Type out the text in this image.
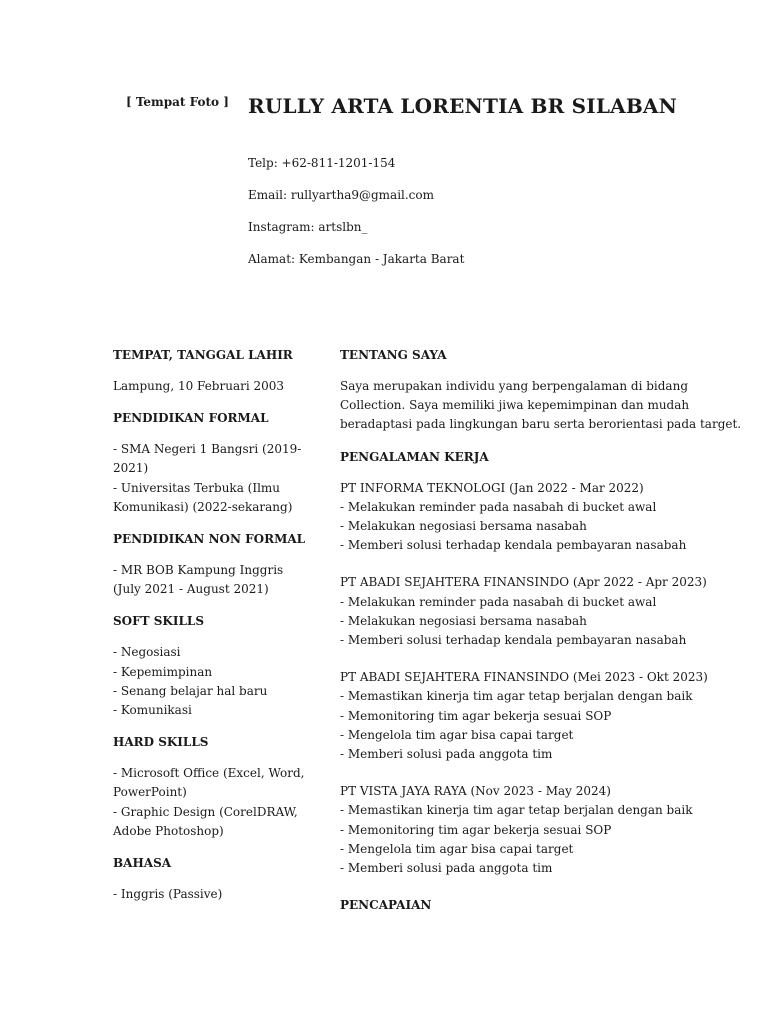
[ Tempat Foto ] RULLY ARTA LORENTIA BR SILABAN
Telp: +62-811-1201-154
Email: rullyartha9@gmail.com
Instagram: artslbn_
Alamat: Kembangan - Jakarta Barat
TEMPAT, TANGGAL LAHIR
Lampung, 10 Februari 2003
PENDIDIKAN FORMAL
- SMA Negeri 1 Bangsri (2019-2021)
- Universitas Terbuka (Ilmu Komunikasi) (2022-sekarang)
PENDIDIKAN NON FORMAL
- MR BOB Kampung Inggris (July 2021 - August 2021)
SOFT SKILLS
- Negosiasi
- Kepemimpinan
- Senang belajar hal baru
- Komunikasi
HARD SKILLS
- Microsoft Office (Excel, Word, PowerPoint)
- Graphic Design (CorelDRAW, Adobe Photoshop)
BAHASA
- Inggris (Passive)
TENTANG SAYA
Saya merupakan individu yang berpengalaman di bidang
Collection. Saya memiliki jiwa kepemimpinan dan mudah
beradaptasi pada lingkungan baru serta berorientasi pada target.
PENGALAMAN KERJA
PT INFORMA TEKNOLOGI (Jan 2022 - Mar 2022)
- Melakukan reminder pada nasabah di bucket awal
- Melakukan negosiasi bersama nasabah
- Memberi solusi terhadap kendala pembayaran nasabah
PT ABADI SEJAHTERA FINANSINDO (Apr 2022 - Apr 2023)
- Melakukan reminder pada nasabah di bucket awal
- Melakukan negosiasi bersama nasabah
- Memberi solusi terhadap kendala pembayaran nasabah
PT ABADI SEJAHTERA FINANSINDO (Mei 2023 - Okt 2023)
- Memastikan kinerja tim agar tetap berjalan dengan baik
- Memonitoring tim agar bekerja sesuai SOP
- Mengelola tim agar bisa capai target
- Memberi solusi pada anggota tim
PT VISTA JAYA RAYA (Nov 2023 - May 2024)
- Memastikan kinerja tim agar tetap berjalan dengan baik
- Memonitoring tim agar bekerja sesuai SOP
- Mengelola tim agar bisa capai target
- Memberi solusi pada anggota tim
PENCAPAIAN
